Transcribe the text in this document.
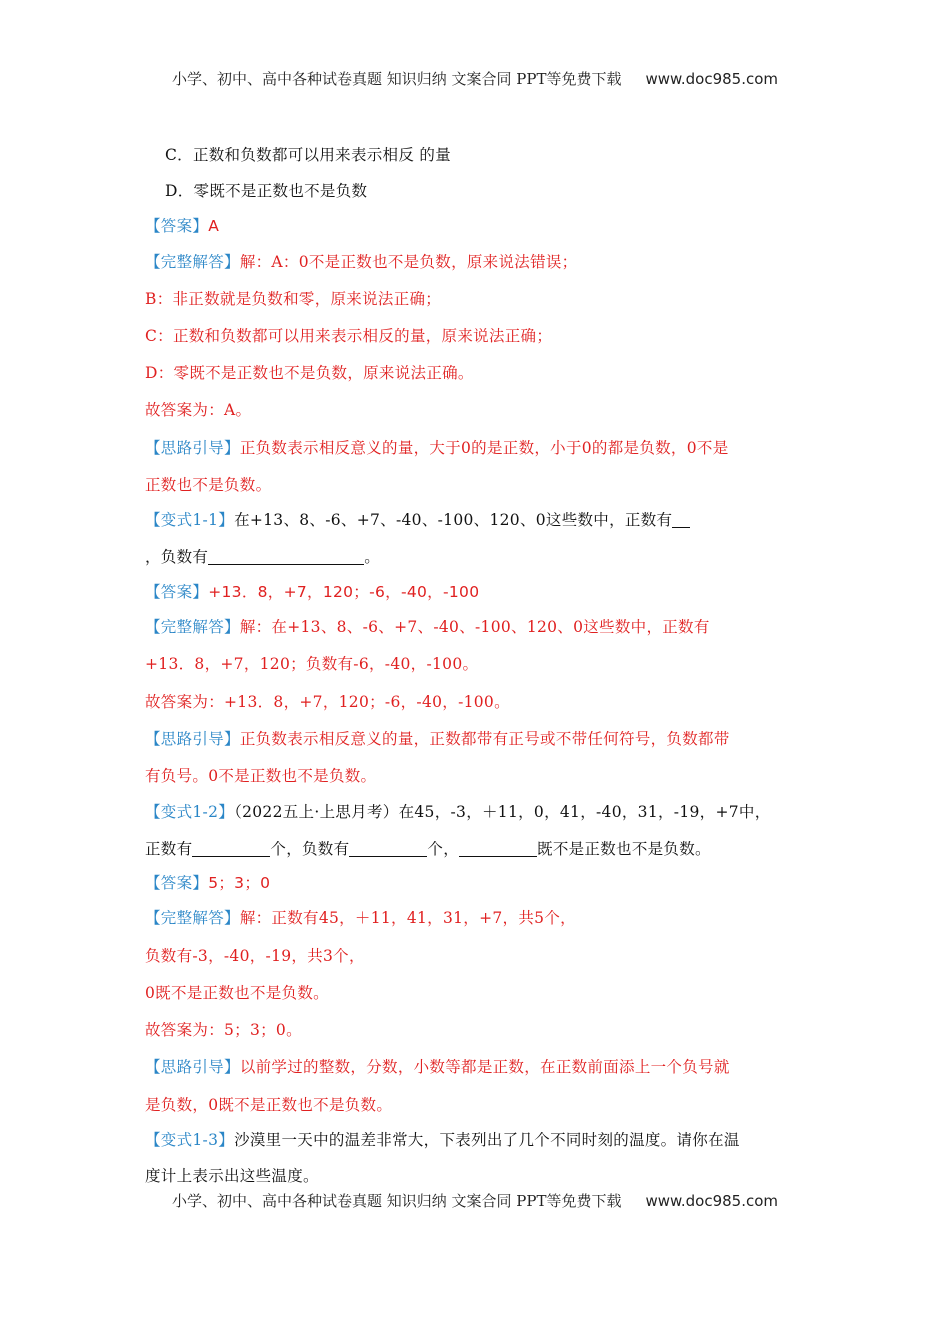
小学、初中、高中各种试卷真题 知识归纳 文案合同 PPT等免费下载 www.doc985.com
C．正数和负数都可以用来表示相反 的量
D．零既不是正数也不是负数
【答案】A
【完整解答】解：A：0不是正数也不是负数，原来说法错误；
B：非正数就是负数和零，原来说法正确；
C：正数和负数都可以用来表示相反的量，原来说法正确；
D：零既不是正数也不是负数，原来说法正确。
故答案为：A。
【思路引导】正负数表示相反意义的量，大于0的是正数，小于0的都是负数，0不是
正数也不是负数。
【变式1-1】在+13、8、-6、+7、-40、-100、120、0这些数中，正数有
，负数有	。
【答案】+13．8，+7，120；-6，-40，-100
【完整解答】解：在+13、8、-6、+7、-40、-100、120、0这些数中，正数有
+13．8，+7，120；负数有-6，-40，-100。
故答案为：+13．8，+7，120；-6，-40，-100。
【思路引导】正负数表示相反意义的量，正数都带有正号或不带任何符号，负数都带
有负号。0不是正数也不是负数。
【变式1-2】（2022五上·上思月考）在45，-3，＋11，0，41，-40，31，-19，+7中，
正数有	个，负数有	个，	既不是正数也不是负数。
【答案】5；3；0
【完整解答】解：正数有45，＋11，41，31，+7，共5个，
负数有-3，-40，-19，共3个，
0既不是正数也不是负数。
故答案为：5；3；0。
【思路引导】以前学过的整数，分数，小数等都是正数，在正数前面添上一个负号就
是负数，0既不是正数也不是负数。
【变式1-3】沙漠里一天中的温差非常大，下表列出了几个不同时刻的温度。请你在温
度计上表示出这些温度。
小学、初中、高中各种试卷真题 知识归纳 文案合同 PPT等免费下载 www.doc985.com
